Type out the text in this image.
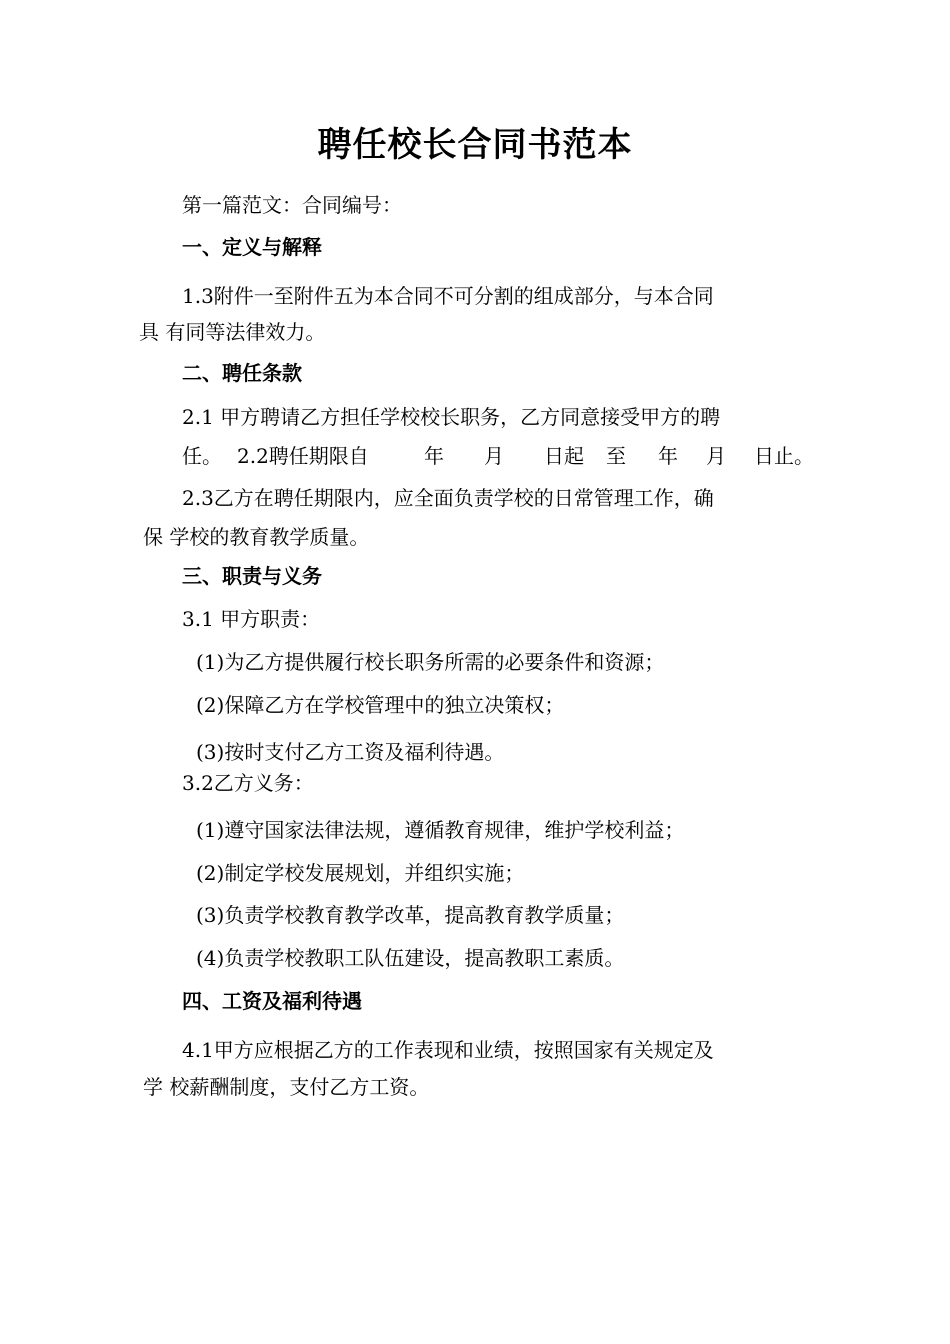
聘任校长合同书范本
第一篇范文：合同编号：
一、定义与解释
1.3附件一至附件五为本合同不可分割的组成部分，与本合同
具 有同等法律效力。
二、聘任条款
2.1 甲方聘请乙方担任学校校长职务，乙方同意接受甲方的聘
任。 2.2聘任期限自	年 月 日起 至 年 月 日止。
2.3乙方在聘任期限内，应全面负责学校的日常管理工作，确
保 学校的教育教学质量。
三、职责与义务
3.1 甲方职责：
(1)为乙方提供履行校长职务所需的必要条件和资源；
(2)保障乙方在学校管理中的独立决策权；
(3)按时支付乙方工资及福利待遇。
3.2乙方义务：
(1)遵守国家法律法规，遵循教育规律，维护学校利益；
(2)制定学校发展规划，并组织实施；
(3)负责学校教育教学改革，提高教育教学质量；
(4)负责学校教职工队伍建设，提高教职工素质。
四、工资及福利待遇
4.1甲方应根据乙方的工作表现和业绩，按照国家有关规定及
学 校薪酬制度，支付乙方工资。
